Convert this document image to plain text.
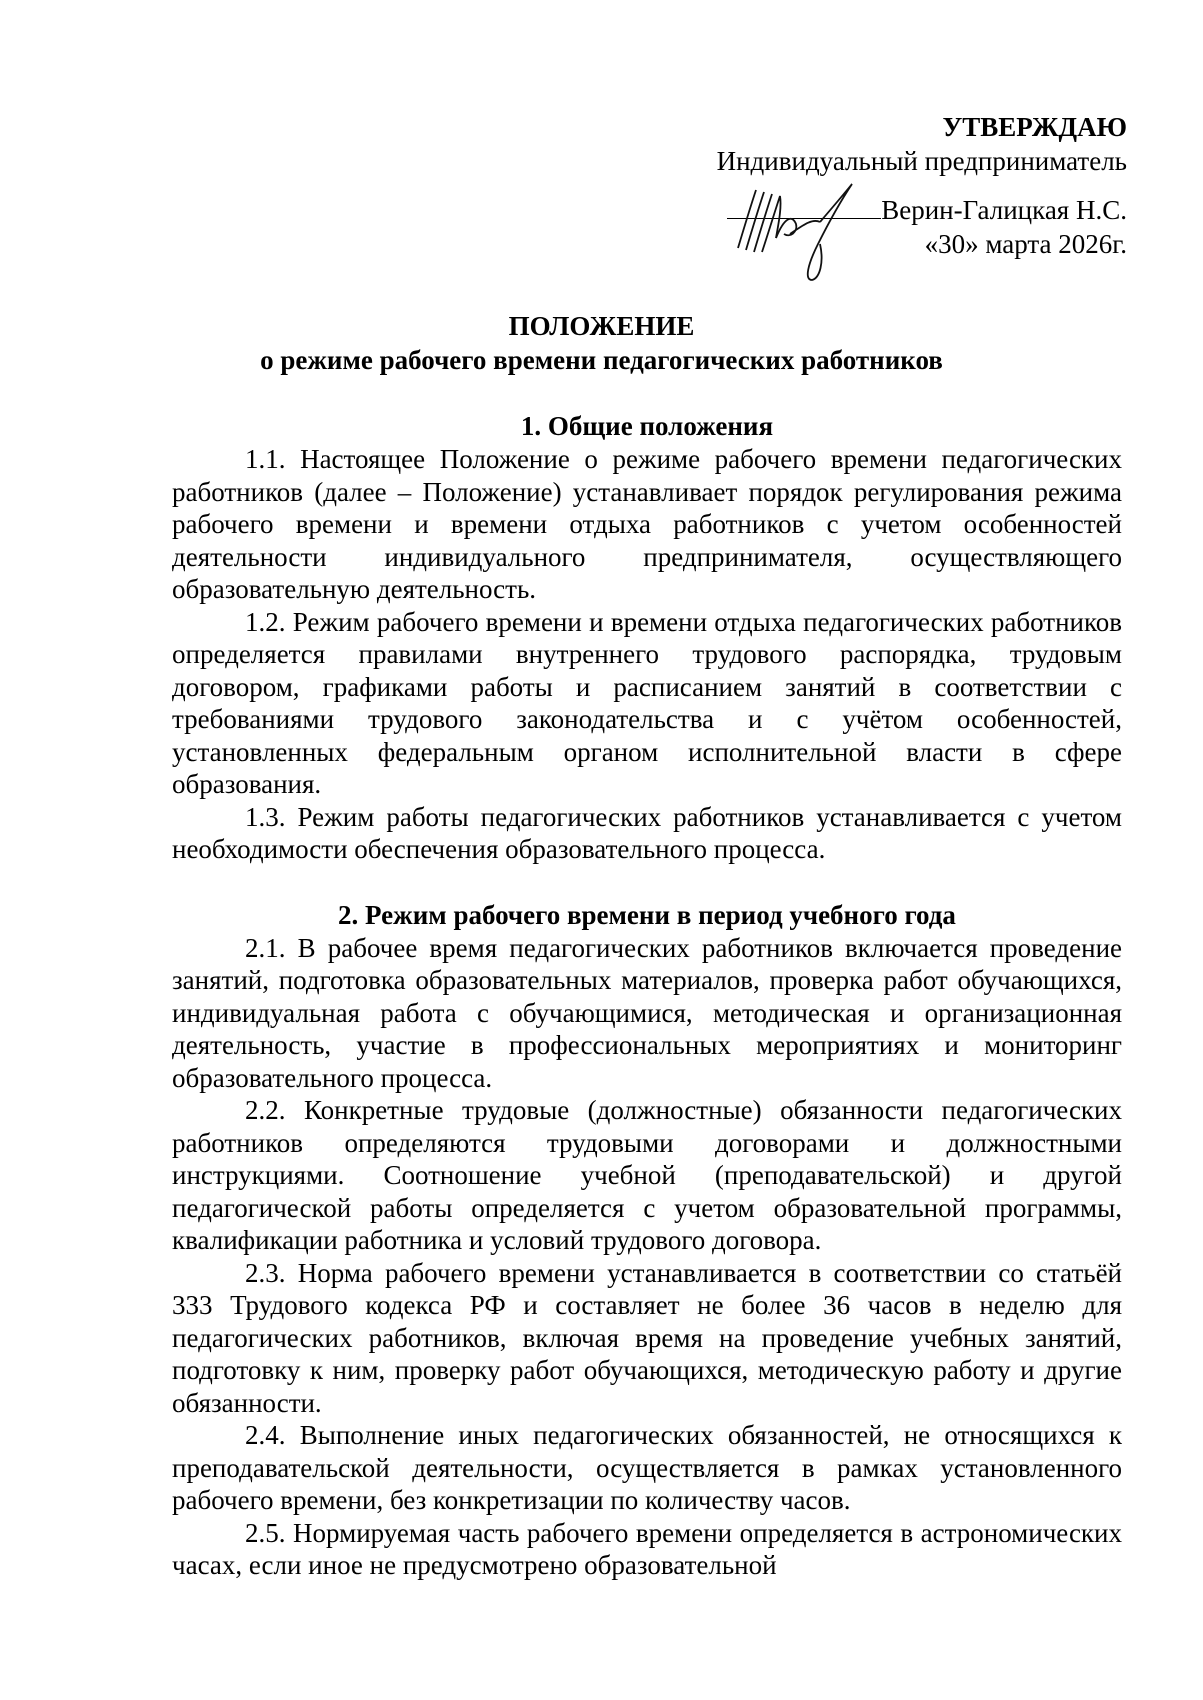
УТВЕРЖДАЮ
Индивидуальный предприниматель
Верин-Галицкая Н.С.
«30» марта 2026г.
ПОЛОЖЕНИЕ
о режиме рабочего времени педагогических работников
1. Общие положения

1.1. Настоящее Положение о режиме рабочего времени педагогических работников (далее – Положение) устанавливает порядок регулирования режима рабочего времени и времени отдыха работников с учетом особенностей деятельности индивидуального предпринимателя, осуществляющего образовательную деятельность.

1.2. Режим рабочего времени и времени отдыха педагогических работников определяется правилами внутреннего трудового распорядка, трудовым договором, графиками работы и расписанием занятий в соответствии с требованиями трудового законодательства и с учётом особенностей, установленных федеральным органом исполнительной власти в сфере образования.

1.3. Режим работы педагогических работников устанавливается с учетом необходимости обеспечения образовательного процесса.

2. Режим рабочего времени в период учебного года

2.1. В рабочее время педагогических работников включается проведение занятий, подготовка образовательных материалов, проверка работ обучающихся, индивидуальная работа с обучающимися, методическая и организационная деятельность, участие в профессиональных мероприятиях и мониторинг образовательного процесса.

2.2. Конкретные трудовые (должностные) обязанности педагогических работников определяются трудовыми договорами и должностными инструкциями. Соотношение учебной (преподавательской) и другой педагогической работы определяется с учетом образовательной программы, квалификации работника и условий трудового договора.

2.3. Норма рабочего времени устанавливается в соответствии со статьёй 333 Трудового кодекса РФ и составляет не более 36 часов в неделю для педагогических работников, включая время на проведение учебных занятий, подготовку к ним, проверку работ обучающихся, методическую работу и другие обязанности.

2.4. Выполнение иных педагогических обязанностей, не относящихся к преподавательской деятельности, осуществляется в рамках установленного рабочего времени, без конкретизации по количеству часов.

2.5. Нормируемая часть рабочего времени определяется в астрономических часах, если иное не предусмотрено образовательной
